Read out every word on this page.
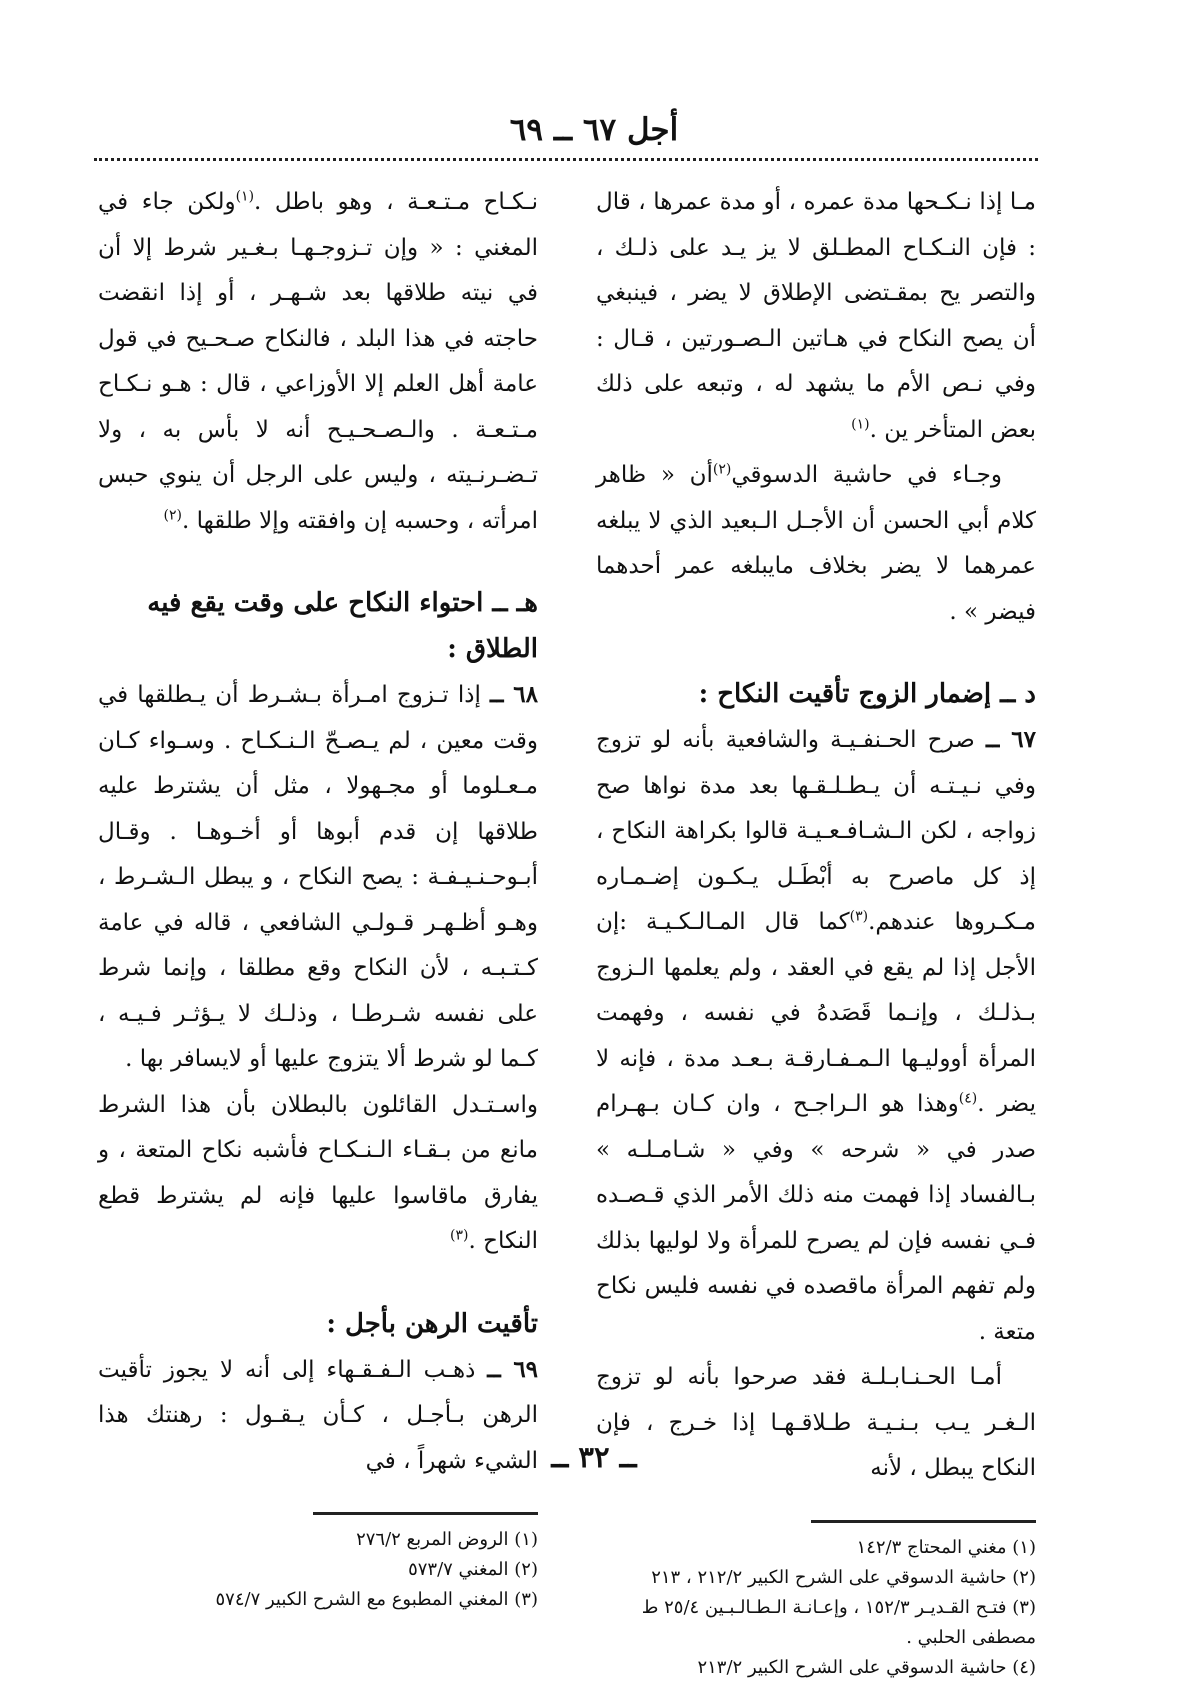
أجل ٦٧ ــ ٦٩

مـا إذا نـكـحها مدة عمره ، أو مدة عمرها ، قال : فإن النـكـاح المطـلق لا يز يـد على ذلـك ، والتصر يح بمقـتضى الإطلاق لا يضر ، فينبغي أن يصح النكاح في هـاتين الـصـورتين ، قـال : وفي نـص الأم ما يشهد له ، وتبعه على ذلك بعض المتأخر ين .$^{(١)}$

وجـاء في حاشية الدسوقي$^{(٢)}$أن « ظاهر كلام أبي الحسن أن الأجـل الـبعيد الذي لا يبلغه عمرهما لا يضر بخلاف مايبلغه عمر أحدهما فيضر » .

د ــ إضمار الزوج تأقيت النكاح :

٦٧ ــ صرح الحـنفـيـة والشافعية بأنه لو تزوج وفي نـيـتـه أن يـطـلـقـها بعد مدة نواها صح زواجه ، لكن الـشـافـعـيـة قالوا بكراهة النكاح ، إذ كل ماصرح به أبْطَـل يـكـون إضـمـاره مـكـروها عندهم.$^{(٣)}$كما قال المـالـكـيـة :إن الأجل إذا لم يقع في العقد ، ولم يعلمها الـزوج بـذلـك ، وإنـما قَصَدهُ في نفسه ، وفهمت المرأة أووليـها الـمـفـارقـة بـعـد مدة ، فإنه لا يضر .$^{(٤)}$وهذا هو الـراجـح ، وان كـان بـهـرام صدر في « شرحه » وفي « شـامـلـه » بـالفساد إذا فهمت منه ذلك الأمر الذي قـصـده فـي نفسه فإن لم يصرح للمرأة ولا لوليها بذلك ولم تفهم المرأة ماقصده في نفسه فليس نكاح متعة .

أمـا الحـنـابـلـة فقد صرحوا بأنه لو تزوج الـغـر يـب بـنـيـة طـلاقـهـا إذا خـرج ، فإن النكاح يبطل ، لأنه

(١) مغني المحتاج ١٤٢/٣

(٢) حاشية الدسوقي على الشرح الكبير ٢١٢/٢ ، ٢١٣

(٣) فتـح القـديـر ١٥٢/٣ ، وإعـانـة الـطـالـبـين ٢٥/٤ ط مصطفى الحلبي .

(٤) حاشية الدسوقي على الشرح الكبير ٢١٣/٢

نـكـاح مـتـعـة ، وهو باطل .$^{(١)}$ولكن جاء في المغني : « وإن تـزوجـهـا بـغـير شرط إلا أن في نيته طلاقها بعد شـهـر ، أو إذا انقضت حاجته في هذا البلد ، فالنكاح صـحـيح في قول عامة أهل العلم إلا الأوزاعي ، قال : هـو نـكـاح مـتـعـة . والـصـحـيـح أنه لا بأس به ، ولا تـضـرنـيته ، وليس على الرجل أن ينوي حبس امرأته ، وحسبه إن وافقته وإلا طلقها .$^{(٢)}$

هـ ــ احتواء النكاح على وقت يقع فيه الطلاق :

٦٨ ــ إذا تـزوج امـرأة بـشـرط أن يـطلقها في وقت معين ، لم يـصـحّ الـنـكـاح . وسـواء كـان مـعـلوما أو مجـهولا ، مثل أن يشترط عليه طلاقها إن قدم أبوها أو أخـوهـا . وقـال أبـوحـنـيـفـة : يصح النكاح ، و يبطل الـشـرط ، وهـو أظـهـر قـولـي الشافعي ، قاله في عامة كـتـبـه ، لأن النكاح وقع مطلقا ، وإنما شرط على نفسه شـرطـا ، وذلـك لا يـؤثـر فـيـه ، كـما لو شرط ألا يتزوج عليها أو لايسافر بها .

واسـتـدل القائلون بالبطلان بأن هذا الشرط مانع من بـقـاء الـنـكـاح فأشبه نكاح المتعة ، و يفارق ماقاسوا عليها فإنه لم يشترط قطع النكاح .$^{(٣)}$

تأقيت الرهن بأجل :

٦٩ ــ ذهـب الـفـقـهاء إلى أنه لا يجوز تأقيت الرهن بـأجـل ، كـأن يـقـول : رهنتك هذا الشيء شهراً ، في

(١) الروض المربع ٢٧٦/٢

(٢) المغني ٥٧٣/٧

(٣) المغني المطبوع مع الشرح الكبير ٥٧٤/٧

ــ ٣٢ ــ
